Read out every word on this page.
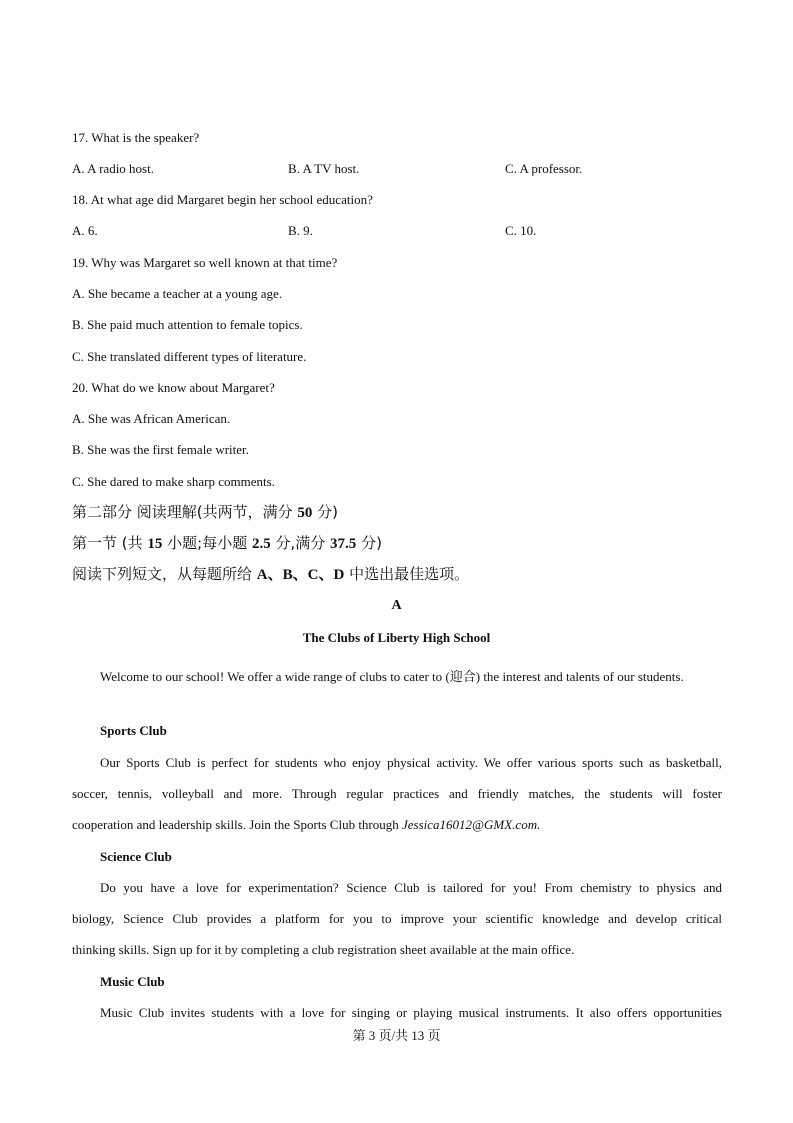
17. What is the speaker?
A. A radio host.	B. A TV host.	C. A professor.
18. At what age did Margaret begin her school education?
A. 6.	B. 9.	C. 10.
19. Why was Margaret so well known at that time?
A. She became a teacher at a young age.
B. She paid much attention to female topics.
C. She translated different types of literature.
20. What do we know about Margaret?
A. She was African American.
B. She was the first female writer.
C. She dared to make sharp comments.
第二部分 阅读理解(共两节，满分 50 分)
第一节 (共 15 小题;每小题 2.5 分,满分 37.5 分)
阅读下列短文，从每题所给 A、B、C、D 中选出最佳选项。
A
The Clubs of Liberty High School
Welcome to our school! We offer a wide range of clubs to cater to (迎合) the interest and talents of our students.
Sports Club
Our Sports Club is perfect for students who enjoy physical activity. We offer various sports such as basketball,
soccer, tennis, volleyball and more. Through regular practices and friendly matches, the students will foster
cooperation and leadership skills. Join the Sports Club through Jessica16012@GMX.com.
Science Club
Do you have a love for experimentation? Science Club is tailored for you! From chemistry to physics and
biology, Science Club provides a platform for you to improve your scientific knowledge and develop critical
thinking skills. Sign up for it by completing a club registration sheet available at the main office.
Music Club
Music Club invites students with a love for singing or playing musical instruments. It also offers opportunities
第 3 页/共 13 页
